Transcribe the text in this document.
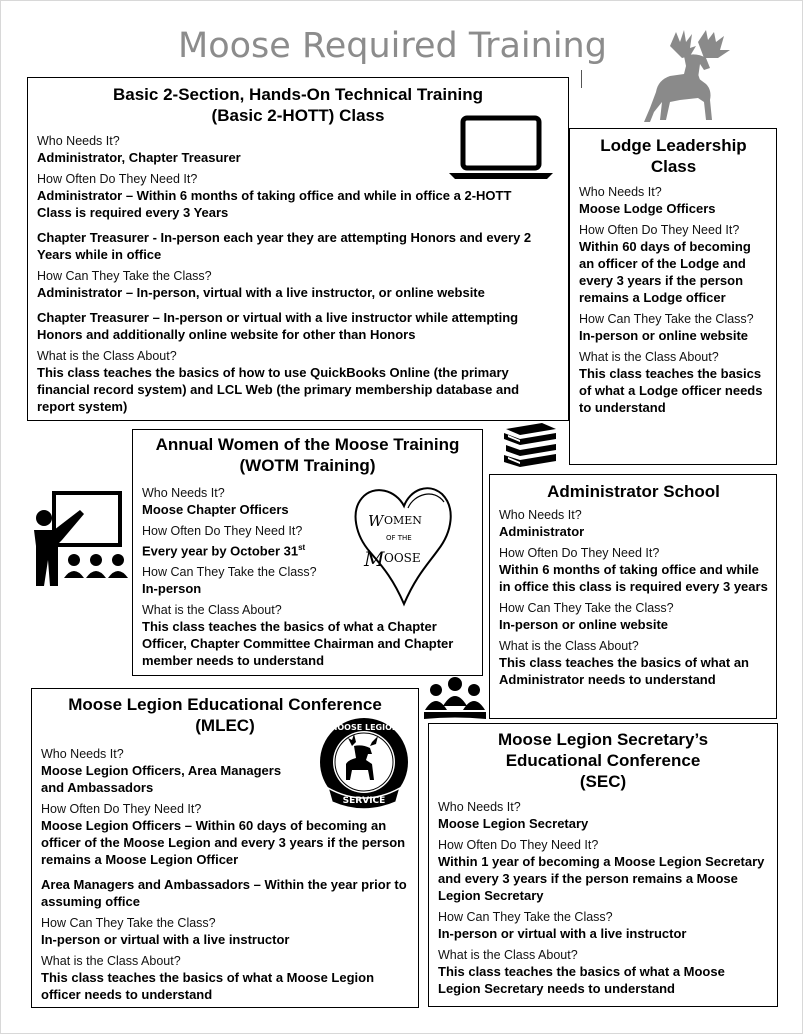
Moose Required Training
Basic 2-Section, Hands-On Technical Training (Basic 2-HOTT) Class
Who Needs It?
Administrator, Chapter Treasurer
How Often Do They Need It?
Administrator – Within 6 months of taking office and while in office a 2-HOTT Class is required every 3 Years
Chapter Treasurer - In-person each year they are attempting Honors and every 2 Years while in office
How Can They Take the Class?
Administrator – In-person, virtual with a live instructor, or online website
Chapter Treasurer – In-person or virtual with a live instructor while attempting Honors and additionally online website for other than Honors
What is the Class About?
This class teaches the basics of how to use QuickBooks Online (the primary financial record system) and LCL Web (the primary membership database and report system)
Lodge Leadership Class
Who Needs It?
Moose Lodge Officers
How Often Do They Need It?
Within 60 days of becoming an officer of the Lodge and every 3 years if the person remains a Lodge officer
How Can They Take the Class?
In-person or online website
What is the Class About?
This class teaches the basics of what a Lodge officer needs to understand
Annual Women of the Moose Training (WOTM Training)
Who Needs It?
Moose Chapter Officers
How Often Do They Need It?
Every year by October 31st
How Can They Take the Class?
In-person
What is the Class About?
This class teaches the basics of what a Chapter Officer, Chapter Committee Chairman and Chapter member needs to understand
W OMEN
OF THE
M OOSE
Administrator School
Who Needs It?
Administrator
How Often Do They Need It?
Within 6 months of taking office and while in office this class is required every 3 years
How Can They Take the Class?
In-person or online website
What is the Class About?
This class teaches the basics of what an Administrator needs to understand
Moose Legion Educational Conference (MLEC)
Who Needs It?
Moose Legion Officers, Area Managers and Ambassadors
How Often Do They Need It?
Moose Legion Officers – Within 60 days of becoming an officer of the Moose Legion and every 3 years if the person remains a Moose Legion Officer
Area Managers and Ambassadors – Within the year prior to assuming office
How Can They Take the Class?
In-person or virtual with a live instructor
What is the Class About?
This class teaches the basics of what a Moose Legion officer needs to understand
SERVICE
MOOSE LEGION
Moose Legion Secretary’s Educational Conference (SEC)
Who Needs It?
Moose Legion Secretary
How Often Do They Need It?
Within 1 year of becoming a Moose Legion Secretary and every 3 years if the person remains a Moose Legion Secretary
How Can They Take the Class?
In-person or virtual with a live instructor
What is the Class About?
This class teaches the basics of what a Moose Legion Secretary needs to understand
